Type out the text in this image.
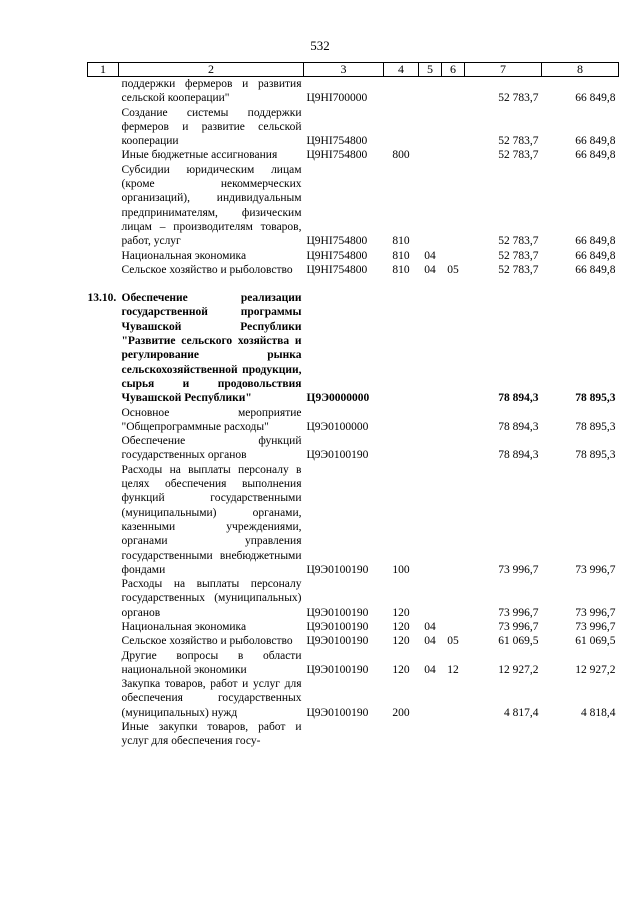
532
1	2	3	4	5	6	7	8
	поддержки фермеров и развития сельской кооперации"	Ц9НI700000				52 783,7	66 849,8
	Создание системы поддержки фермеров и развитие сельской кооперации	Ц9НI754800				52 783,7	66 849,8
	Иные бюджетные ассигнования	Ц9НI754800	800			52 783,7	66 849,8
	Субсидии юридическим лицам (кроме некоммерческих организаций), индивидуальным предпринимателям, физическим лицам – производителям товаров, работ, услуг	Ц9НI754800	810			52 783,7	66 849,8
	Национальная экономика	Ц9НI754800	810	04		52 783,7	66 849,8
	Сельское хозяйство и рыболовство	Ц9НI754800	810	04	05	52 783,7	66 849,8

13.10.	Обеспечение реализации государственной программы Чувашской Республики "Развитие сельского хозяйства и регулирование рынка сельскохозяйственной продукции, сырья и продовольствия Чувашской Республики"	Ц9Э0000000				78 894,3	78 895,3
	Основное мероприятие "Общепрограммные расходы"	Ц9Э0100000				78 894,3	78 895,3
	Обеспечение функций государственных органов	Ц9Э0100190				78 894,3	78 895,3
	Расходы на выплаты персоналу в целях обеспечения выполнения функций государственными (муниципальными) органами, казенными учреждениями, органами управления государственными внебюджетными фондами	Ц9Э0100190	100			73 996,7	73 996,7
	Расходы на выплаты персоналу государственных (муниципальных) органов	Ц9Э0100190	120			73 996,7	73 996,7
	Национальная экономика	Ц9Э0100190	120	04		73 996,7	73 996,7
	Сельское хозяйство и рыболовство	Ц9Э0100190	120	04	05	61 069,5	61 069,5
	Другие вопросы в области национальной экономики	Ц9Э0100190	120	04	12	12 927,2	12 927,2
	Закупка товаров, работ и услуг для обеспечения государственных (муниципальных) нужд	Ц9Э0100190	200			4 817,4	4 818,4
	Иные закупки товаров, работ и услуг для обеспечения госу-						
